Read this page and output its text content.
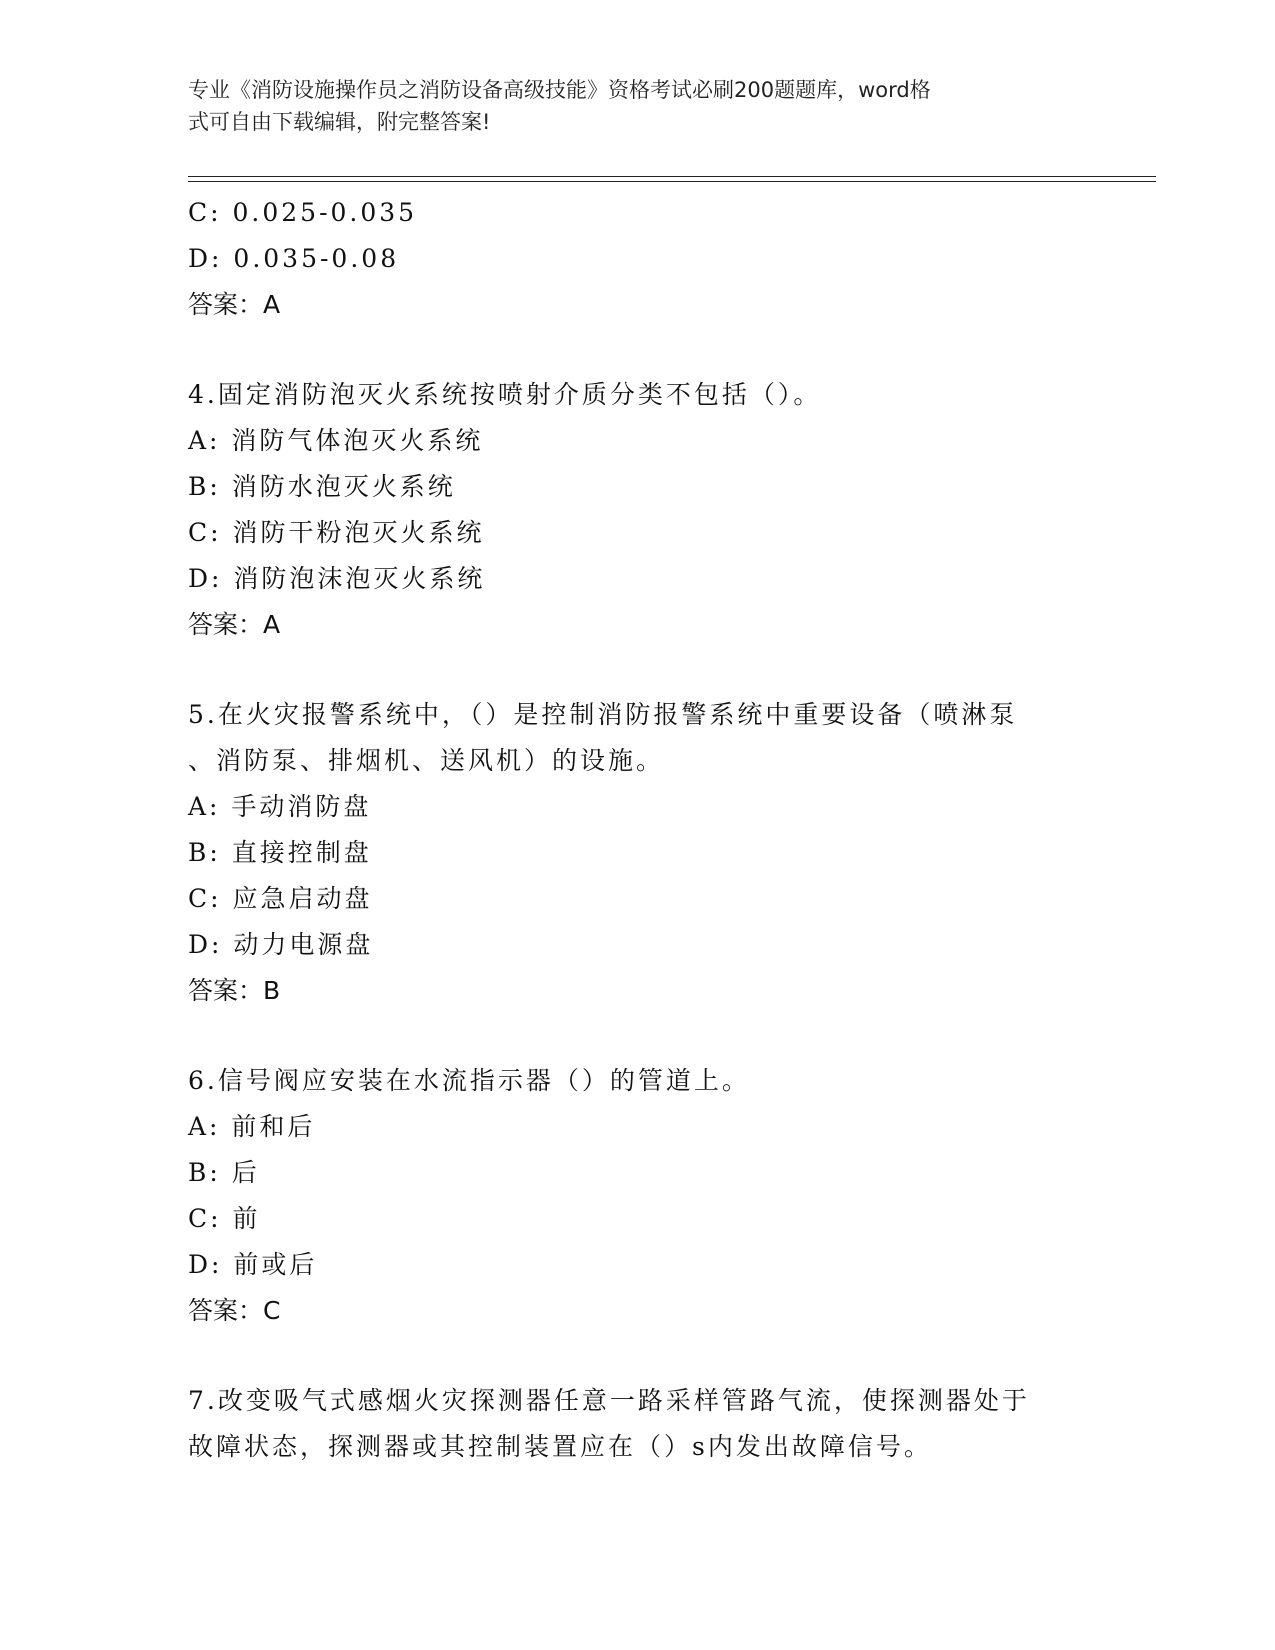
专业《消防设施操作员之消防设备高级技能》资格考试必刷200题题库，word格
式可自由下载编辑，附完整答案!
C: 0.025-0.035
D: 0.035-0.08
答案：A
4.固定消防泡灭火系统按喷射介质分类不包括（）。
A: 消防气体泡灭火系统
B: 消防水泡灭火系统
C: 消防干粉泡灭火系统
D: 消防泡沫泡灭火系统
答案：A
5.在火灾报警系统中，（）是控制消防报警系统中重要设备（喷淋泵
、消防泵、排烟机、送风机）的设施。
A: 手动消防盘
B: 直接控制盘
C: 应急启动盘
D: 动力电源盘
答案：B
6.信号阀应安装在水流指示器（）的管道上。
A: 前和后
B: 后
C: 前
D: 前或后
答案：C
7.改变吸气式感烟火灾探测器任意一路采样管路气流，使探测器处于
故障状态，探测器或其控制装置应在（）s内发出故障信号。
